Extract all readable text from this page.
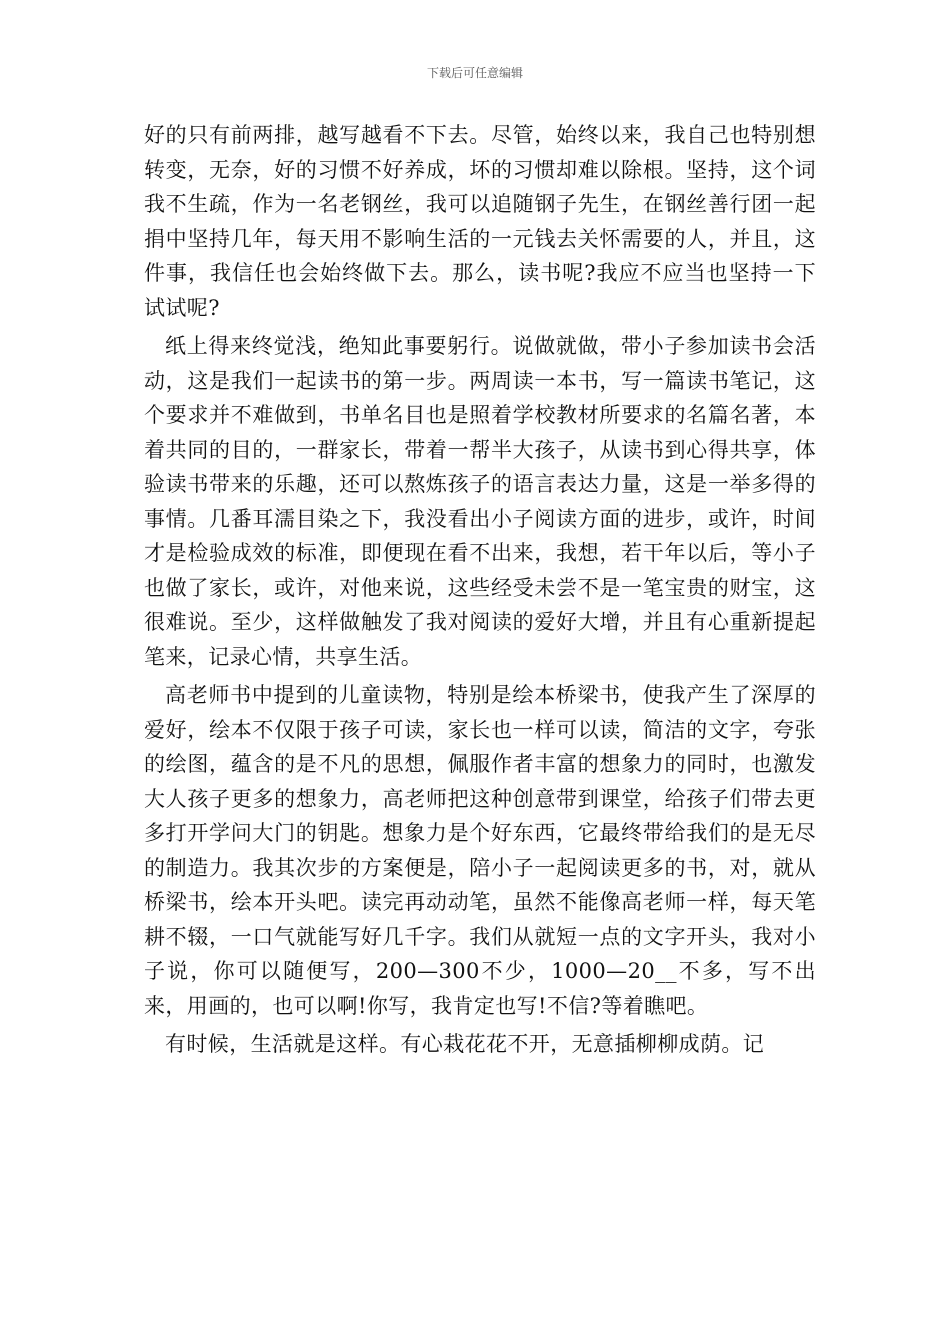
下载后可任意编辑

好的只有前两排，越写越看不下去。尽管，始终以来，我自己也特别想转变，无奈，好的习惯不好养成，坏的习惯却难以除根。坚持，这个词我不生疏，作为一名老钢丝，我可以追随钢子先生，在钢丝善行团一起捐中坚持几年，每天用不影响生活的一元钱去关怀需要的人，并且，这件事，我信任也会始终做下去。那么，读书呢?我应不应当也坚持一下试试呢?

纸上得来终觉浅，绝知此事要躬行。说做就做，带小子参加读书会活动，这是我们一起读书的第一步。两周读一本书，写一篇读书笔记，这个要求并不难做到，书单名目也是照着学校教材所要求的名篇名著，本着共同的目的，一群家长，带着一帮半大孩子，从读书到心得共享，体验读书带来的乐趣，还可以熬炼孩子的语言表达力量，这是一举多得的事情。几番耳濡目染之下，我没看出小子阅读方面的进步，或许，时间才是检验成效的标准，即便现在看不出来，我想，若干年以后，等小子也做了家长，或许，对他来说，这些经受未尝不是一笔宝贵的财宝，这很难说。至少，这样做触发了我对阅读的爱好大增，并且有心重新提起笔来，记录心情，共享生活。

高老师书中提到的儿童读物，特别是绘本桥梁书，使我产生了深厚的爱好，绘本不仅限于孩子可读，家长也一样可以读，简洁的文字，夸张的绘图，蕴含的是不凡的思想，佩服作者丰富的想象力的同时，也激发大人孩子更多的想象力，高老师把这种创意带到课堂，给孩子们带去更多打开学问大门的钥匙。想象力是个好东西，它最终带给我们的是无尽的制造力。我其次步的方案便是，陪小子一起阅读更多的书，对，就从桥梁书，绘本开头吧。读完再动动笔，虽然不能像高老师一样，每天笔耕不辍，一口气就能写好几千字。我们从就短一点的文字开头，我对小子说，你可以随便写，200—300不少，1000—20__不多，写不出来，用画的，也可以啊!你写，我肯定也写!不信?等着瞧吧。

有时候，生活就是这样。有心栽花花不开，无意插柳柳成荫。记
